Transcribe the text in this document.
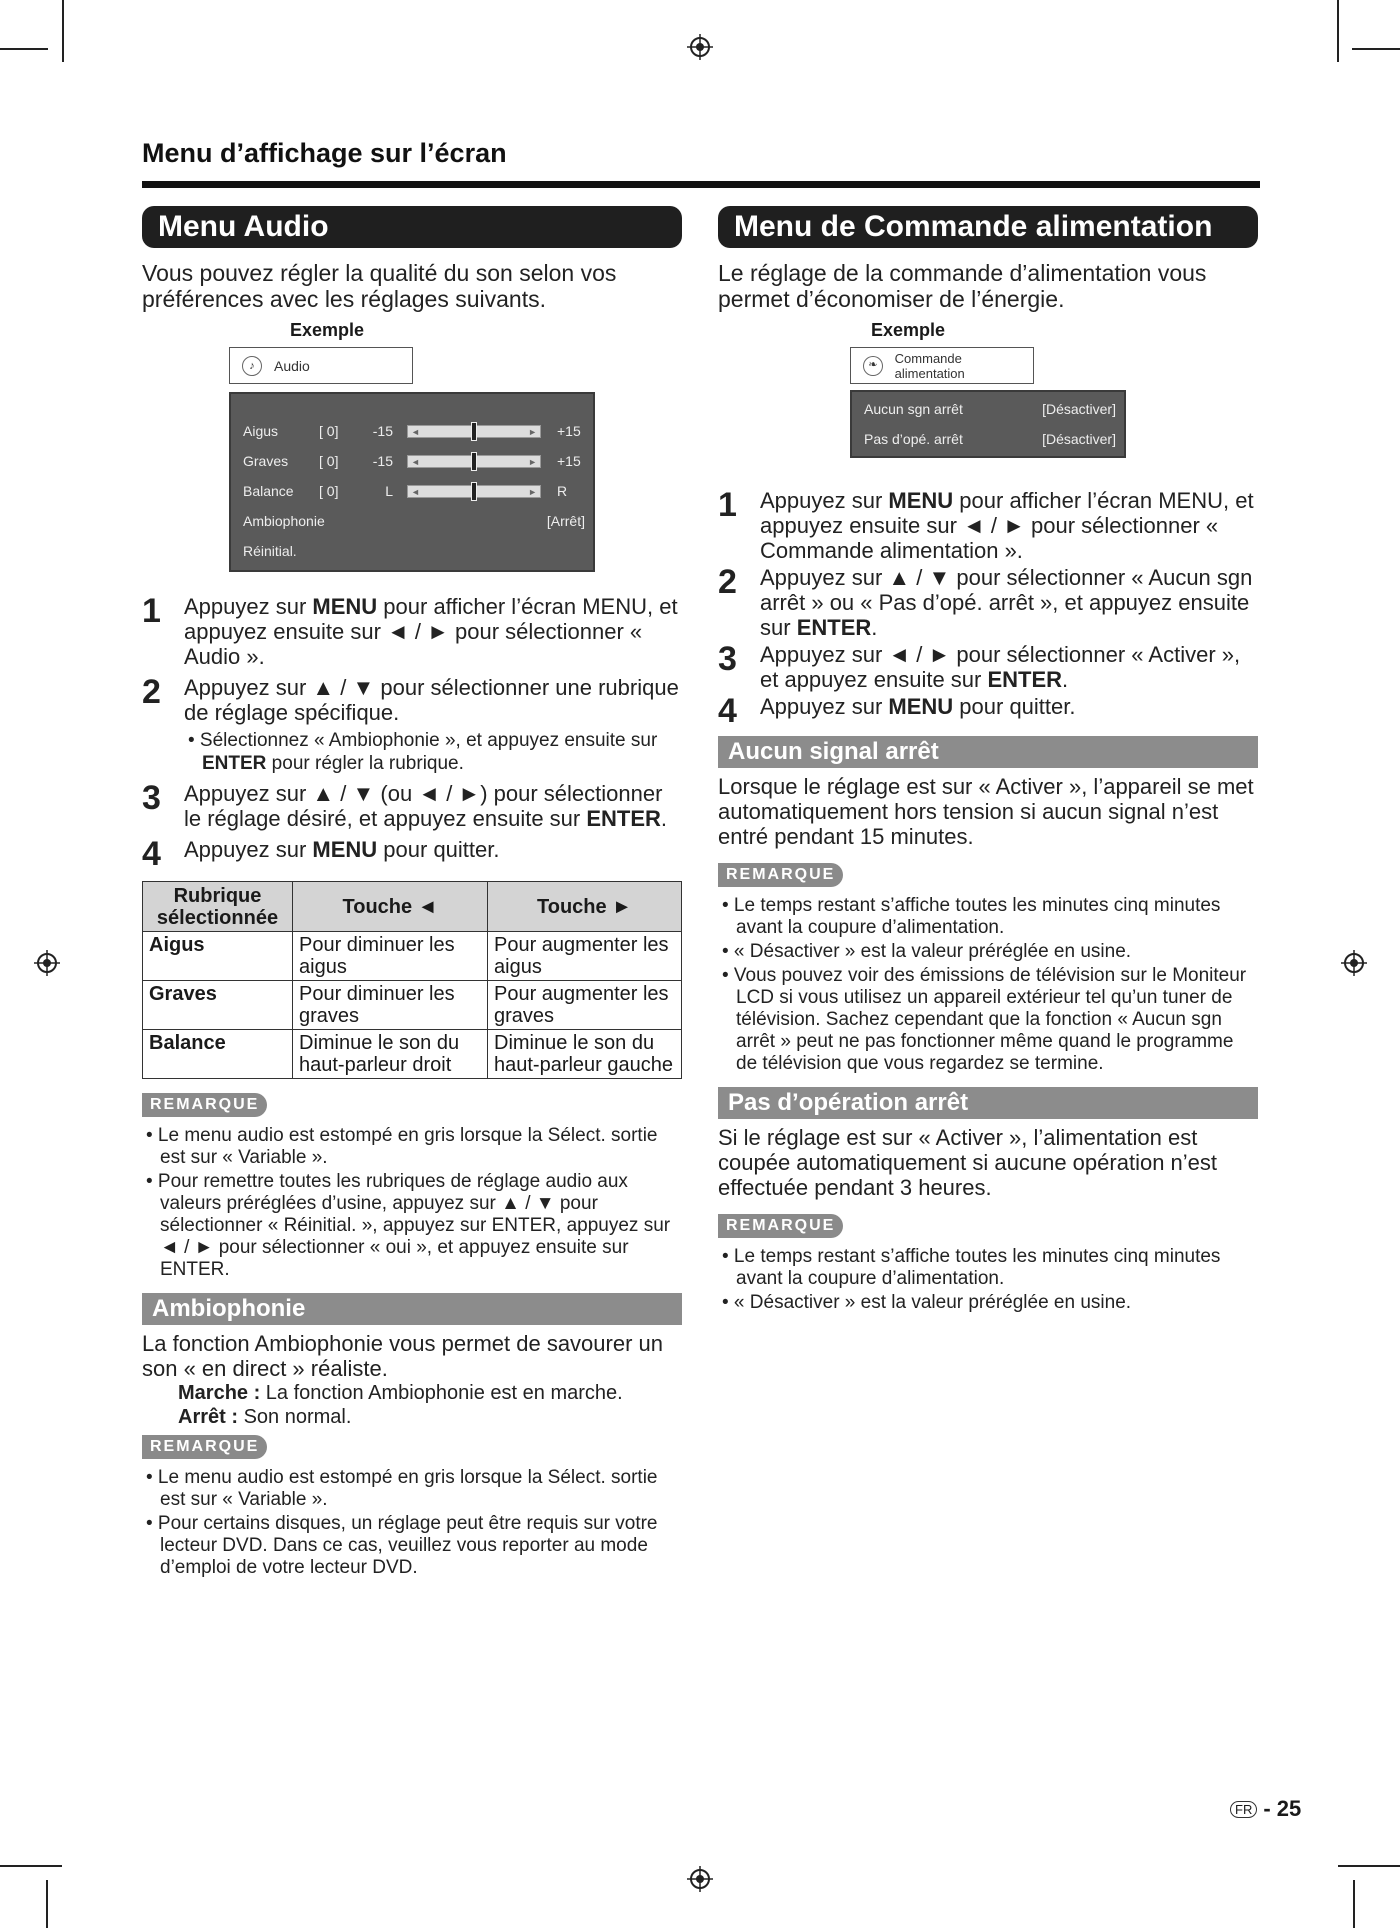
Menu d’affichage sur l’écran
Menu Audio
Vous pouvez régler la qualité du son selon vos préférences avec les réglages suivants.
Exemple
♪	Audio
Aigus	[ 0]	-15	◄	► +15
Graves	[ 0]	-15	◄	► +15
Balance	[ 0]	L	◄	► R
Ambiophonie	[Arrêt]
Réinitial.
1	Appuyez sur MENU pour afficher l’écran MENU, et appuyez ensuite sur ◄ / ► pour sélectionner « Audio ».
2	Appuyez sur ▲ / ▼ pour sélectionner une rubrique de réglage spécifique.
• Sélectionnez « Ambiophonie », et appuyez ensuite sur ENTER pour régler la rubrique.
3	Appuyez sur ▲ / ▼ (ou ◄ / ►) pour sélectionner le réglage désiré, et appuyez ensuite sur ENTER.
4	Appuyez sur MENU pour quitter.
Rubrique sélectionnée	Touche ◄	Touche ►
Aigus	Pour diminuer les aigus	Pour augmenter les aigus
Graves	Pour diminuer les graves	Pour augmenter les graves
Balance	Diminue le son du haut-parleur droit	Diminue le son du haut-parleur gauche
REMARQUE
• Le menu audio est estompé en gris lorsque la Sélect. sortie est sur « Variable ».
• Pour remettre toutes les rubriques de réglage audio aux valeurs préréglées d’usine, appuyez sur ▲ / ▼ pour sélectionner « Réinitial. », appuyez sur ENTER, appuyez sur ◄ / ► pour sélectionner « oui », et appuyez ensuite sur ENTER.
Ambiophonie
La fonction Ambiophonie vous permet de savourer un son « en direct » réaliste.
Marche : La fonction Ambiophonie est en marche.
Arrêt : Son normal.
REMARQUE
• Le menu audio est estompé en gris lorsque la Sélect. sortie est sur « Variable ».
• Pour certains disques, un réglage peut être requis sur votre lecteur DVD. Dans ce cas, veuillez vous reporter au mode d’emploi de votre lecteur DVD.
Menu de Commande alimentation
Le réglage de la commande d’alimentation vous permet d’économiser de l’énergie.
Exemple
❧	Commande alimentation
Aucun sgn arrêt	[Désactiver]
Pas d’opé. arrêt	[Désactiver]
1	Appuyez sur MENU pour afficher l’écran MENU, et appuyez ensuite sur ◄ / ► pour sélectionner « Commande alimentation ».
2	Appuyez sur ▲ / ▼ pour sélectionner « Aucun sgn arrêt » ou « Pas d’opé. arrêt », et appuyez ensuite sur ENTER.
3	Appuyez sur ◄ / ► pour sélectionner « Activer », et appuyez ensuite sur ENTER.
4	Appuyez sur MENU pour quitter.
Aucun signal arrêt
Lorsque le réglage est sur « Activer », l’appareil se met automatiquement hors tension si aucun signal n’est entré pendant 15 minutes.
REMARQUE
• Le temps restant s’affiche toutes les minutes cinq minutes avant la coupure d’alimentation.
• « Désactiver » est la valeur préréglée en usine.
• Vous pouvez voir des émissions de télévision sur le Moniteur LCD si vous utilisez un appareil extérieur tel qu’un tuner de télévision. Sachez cependant que la fonction « Aucun sgn arrêt » peut ne pas fonctionner même quand le programme de télévision que vous regardez se termine.
Pas d’opération arrêt
Si le réglage est sur « Activer », l’alimentation est coupée automatiquement si aucune opération n’est effectuée pendant 3 heures.
REMARQUE
• Le temps restant s’affiche toutes les minutes cinq minutes avant la coupure d’alimentation.
• « Désactiver » est la valeur préréglée en usine.
FR - 25
